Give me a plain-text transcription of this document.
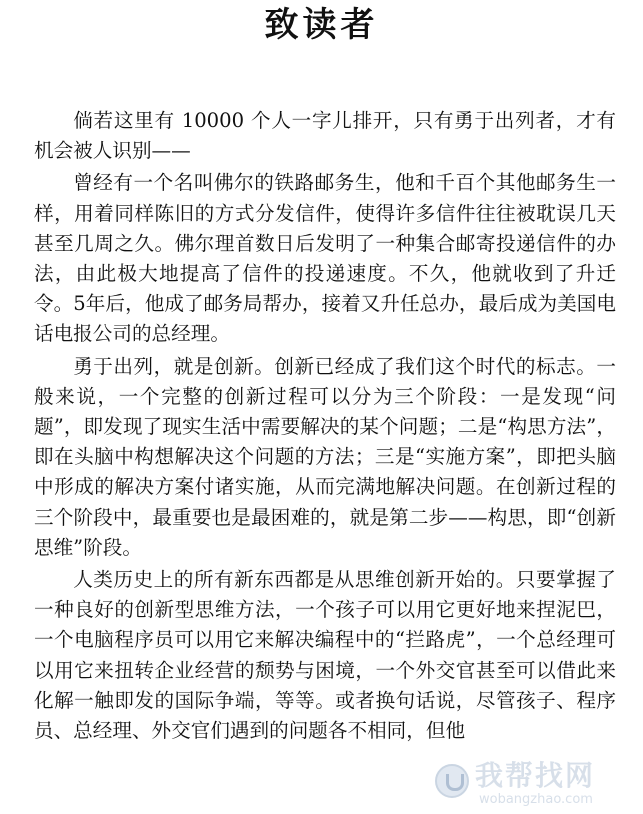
致读者

倘若这里有 10000 个人一字儿排开，只有勇于出列者，才有机会被人识别——

曾经有一个名叫佛尔的铁路邮务生，他和千百个其他邮务生一样，用着同样陈旧的方式分发信件，使得许多信件往往被耽误几天甚至几周之久。佛尔理首数日后发明了一种集合邮寄投递信件的办法，由此极大地提高了信件的投递速度。不久，他就收到了升迁令。5年后，他成了邮务局帮办，接着又升任总办，最后成为美国电话电报公司的总经理。

勇于出列，就是创新。创新已经成了我们这个时代的标志。一般来说，一个完整的创新过程可以分为三个阶段：一是发现“问题”，即发现了现实生活中需要解决的某个问题；二是“构思方法”，即在头脑中构想解决这个问题的方法；三是“实施方案”，即把头脑中形成的解决方案付诸实施，从而完满地解决问题。在创新过程的三个阶段中，最重要也是最困难的，就是第二步——构思，即“创新思维”阶段。

人类历史上的所有新东西都是从思维创新开始的。只要掌握了一种良好的创新型思维方法，一个孩子可以用它更好地来捏泥巴，一个电脑程序员可以用它来解决编程中的“拦路虎”，一个总经理可以用它来扭转企业经营的颓势与困境，一个外交官甚至可以借此来化解一触即发的国际争端，等等。或者换句话说，尽管孩子、程序员、总经理、外交官们遇到的问题各不相同，但他

我帮找网
wobangzhao.com
